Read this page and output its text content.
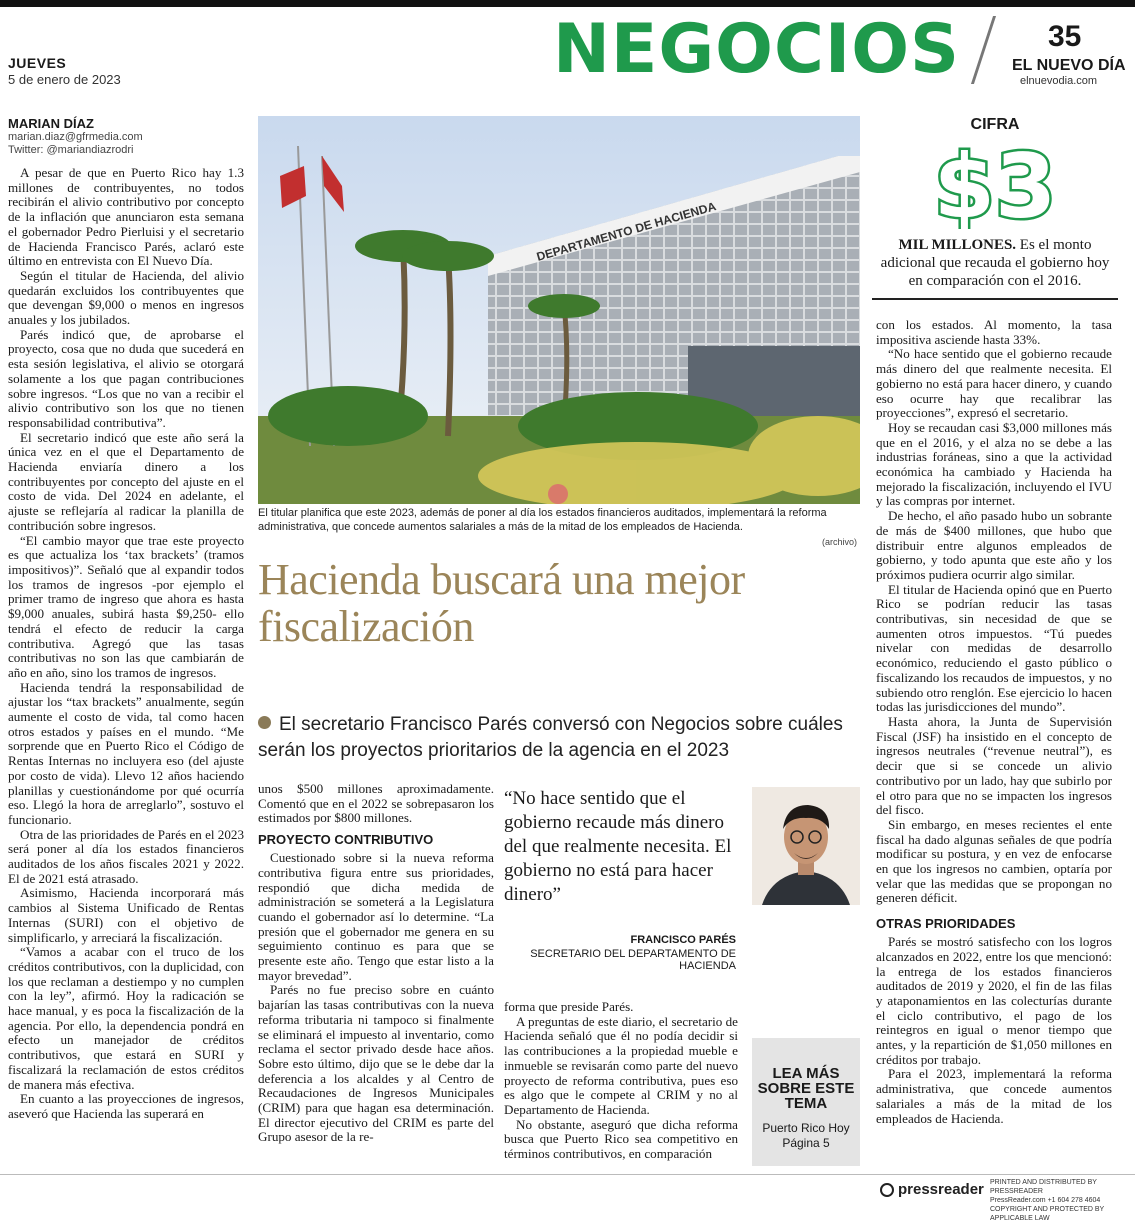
JUEVES
5 de enero de 2023	NEGOCIOS	35
EL NUEVO DÍA
elnuevodia.com
MARIAN DÍAZ
marian.diaz@gfrmedia.com
Twitter: @mariandiazrodri

A pesar de que en Puerto Rico hay 1.3 millones de contribuyentes, no todos recibirán el alivio contributivo por concepto de la inflación que anunciaron esta semana el gobernador Pedro Pierluisi y el secretario de Hacienda Francisco Parés, aclaró este último en entrevista con El Nuevo Día.

Según el titular de Hacienda, del alivio quedarán excluidos los contribuyentes que que devengan $9,000 o menos en ingresos anuales y los jubilados.

Parés indicó que, de aprobarse el proyecto, cosa que no duda que sucederá en esta sesión legislativa, el alivio se otorgará solamente a los que pagan contribuciones sobre ingresos. “Los que no van a recibir el alivio contributivo son los que no tienen responsabilidad contributiva”.

El secretario indicó que este año será la única vez en el que el Departamento de Hacienda enviaría dinero a los contribuyentes por concepto del ajuste en el costo de vida. Del 2024 en adelante, el ajuste se reflejaría al radicar la planilla de contribución sobre ingresos.

“El cambio mayor que trae este proyecto es que actualiza los ‘tax brackets’ (tramos impositivos)”. Señaló que al expandir todos los tramos de ingresos -por ejemplo el primer tramo de ingreso que ahora es hasta $9,000 anuales, subirá hasta $9,250- ello tendrá el efecto de reducir la carga contributiva. Agregó que las tasas contributivas no son las que cambiarán de año en año, sino los tramos de ingresos.

Hacienda tendrá la responsabilidad de ajustar los “tax brackets” anualmente, según aumente el costo de vida, tal como hacen otros estados y países en el mundo. “Me sorprende que en Puerto Rico el Código de Rentas Internas no incluyera eso (del ajuste por costo de vida). Llevo 12 años haciendo planillas y cuestionándome por qué ocurría eso. Llegó la hora de arreglarlo”, sostuvo el funcionario.

Otra de las prioridades de Parés en el 2023 será poner al día los estados financieros auditados de los años fiscales 2021 y 2022. El de 2021 está atrasado.

Asimismo, Hacienda incorporará más cambios al Sistema Unificado de Rentas Internas (SURI) con el objetivo de simplificarlo, y arreciará la fiscalización.

“Vamos a acabar con el truco de los créditos contributivos, con la duplicidad, con los que reclaman a destiempo y no cumplen con la ley”, afirmó. Hoy la radicación se hace manual, y es poca la fiscalización de la agencia. Por ello, la dependencia pondrá en efecto un manejador de créditos contributivos, que estará en SURI y fiscalizará la reclamación de estos créditos de manera más efectiva.

En cuanto a las proyecciones de ingresos, aseveró que Hacienda las superará en

DEPARTAMENTO DE HACIENDA
El titular planifica que este 2023, además de poner al día los estados financieros auditados, implementará la reforma administrativa, que concede aumentos salariales a más de la mitad de los empleados de Hacienda.
(archivo)
Hacienda buscará una mejor fiscalización
El secretario Francisco Parés conversó con Negocios sobre cuáles serán los proyectos prioritarios de la agencia en el 2023

unos $500 millones aproximadamente. Comentó que en el 2022 se sobrepasaron los estimados por $800 millones.

PROYECTO CONTRIBUTIVO

Cuestionado sobre si la nueva reforma contributiva figura entre sus prioridades, respondió que dicha medida de administración se someterá a la Legislatura cuando el gobernador así lo determine. “La presión que el gobernador me genera en su seguimiento continuo es para que se presente este año. Tengo que estar listo a la mayor brevedad”.

Parés no fue preciso sobre en cuánto bajarían las tasas contributivas con la nueva reforma tributaria ni tampoco si finalmente se eliminará el impuesto al inventario, como reclama el sector privado desde hace años. Sobre esto último, dijo que se le debe dar la deferencia a los alcaldes y al Centro de Recaudaciones de Ingresos Municipales (CRIM) para que hagan esa determinación. El director ejecutivo del CRIM es parte del Grupo asesor de la re-

“No hace sentido que el gobierno recaude más dinero del que realmente necesita. El gobierno no está para hacer dinero”
FRANCISCO PARÉS
SECRETARIO DEL DEPARTAMENTO DE HACIENDA

forma que preside Parés.

A preguntas de este diario, el secretario de Hacienda señaló que él no podía decidir si las contribuciones a la propiedad mueble e inmueble se revisarán como parte del nuevo proyecto de reforma contributiva, pues eso es algo que le compete al CRIM y no al Departamento de Hacienda.

No obstante, aseguró que dicha reforma busca que Puerto Rico sea competitivo en términos contributivos, en comparación

LEA MÁS SOBRE ESTE TEMA
Puerto Rico Hoy
Página 5
CIFRA
$3
MIL MILLONES. Es el monto adicional que recauda el gobierno hoy en comparación con el 2016.

con los estados. Al momento, la tasa impositiva asciende hasta 33%.

“No hace sentido que el gobierno recaude más dinero del que realmente necesita. El gobierno no está para hacer dinero, y cuando eso ocurre hay que recalibrar las proyecciones”, expresó el secretario.

Hoy se recaudan casi $3,000 millones más que en el 2016, y el alza no se debe a las industrias foráneas, sino a que la actividad económica ha cambiado y Hacienda ha mejorado la fiscalización, incluyendo el IVU y las compras por internet.

De hecho, el año pasado hubo un sobrante de más de $400 millones, que hubo que distribuir entre algunos empleados de gobierno, y todo apunta que este año y los próximos pudiera ocurrir algo similar.

El titular de Hacienda opinó que en Puerto Rico se podrían reducir las tasas contributivas, sin necesidad de que se aumenten otros impuestos. “Tú puedes nivelar con medidas de desarrollo económico, reduciendo el gasto público o fiscalizando los recaudos de impuestos, y no subiendo otro renglón. Ese ejercicio lo hacen todas las jurisdicciones del mundo”.

Hasta ahora, la Junta de Supervisión Fiscal (JSF) ha insistido en el concepto de ingresos neutrales (“revenue neutral”), es decir que si se concede un alivio contributivo por un lado, hay que subirlo por el otro para que no se impacten los ingresos del fisco.

Sin embargo, en meses recientes el ente fiscal ha dado algunas señales de que podría modificar su postura, y en vez de enfocarse en que los ingresos no cambien, optaría por velar que las medidas que se propongan no generen déficit.

OTRAS PRIORIDADES

Parés se mostró satisfecho con los logros alcanzados en 2022, entre los que mencionó: la entrega de los estados financieros auditados de 2019 y 2020, el fin de las filas y ataponamientos en las colecturías durante el ciclo contributivo, el pago de los reintegros en igual o menor tiempo que antes, y la repartición de $1,050 millones en créditos por trabajo.

Para el 2023, implementará la reforma administrativa, que concede aumentos salariales a más de la mitad de los empleados de Hacienda.

pressreader PRINTED AND DISTRIBUTED BY PRESSREADER
PressReader.com +1 604 278 4604
COPYRIGHT AND PROTECTED BY APPLICABLE LAW
